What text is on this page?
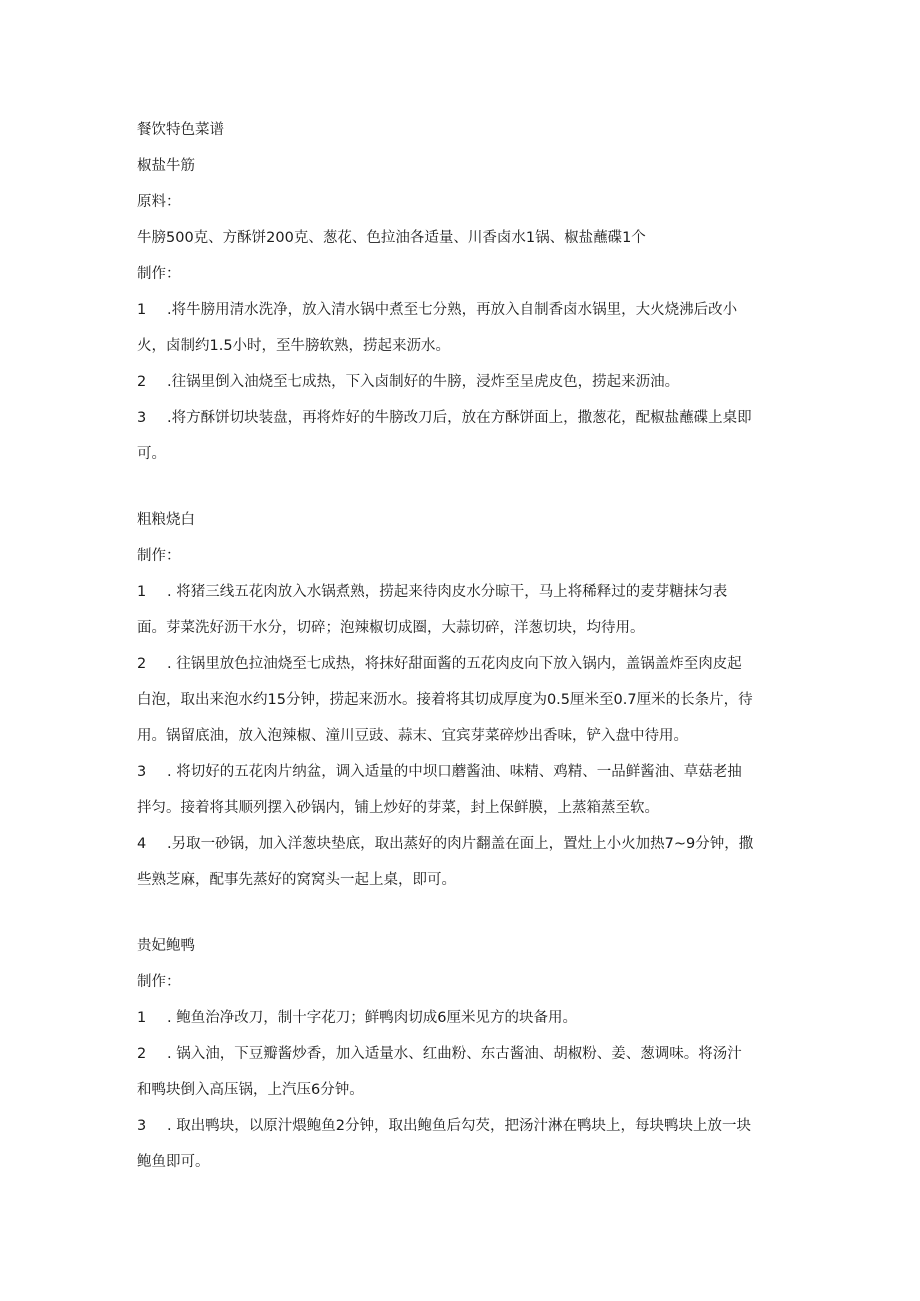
餐饮特色菜谱
椒盐牛筋
原料：
牛膀500克、方酥饼200克、葱花、色拉油各适量、川香卤水1锅、椒盐蘸碟1个
制作：
1 .将牛膀用清水洗净，放入清水锅中煮至七分熟，再放入自制香卤水锅里，大火烧沸后改小
火，卤制约1.5小时，至牛膀软熟，捞起来沥水。
2 .往锅里倒入油烧至七成热，下入卤制好的牛膀，浸炸至呈虎皮色，捞起来沥油。
3 .将方酥饼切块装盘，再将炸好的牛膀改刀后，放在方酥饼面上，撒葱花，配椒盐蘸碟上桌即
可。
粗粮烧白
制作：
1 . 将猪三线五花肉放入水锅煮熟，捞起来待肉皮水分晾干，马上将稀释过的麦芽糖抹匀表
面。芽菜洗好沥干水分，切碎；泡辣椒切成圈，大蒜切碎，洋葱切块，均待用。
2 . 往锅里放色拉油烧至七成热，将抹好甜面酱的五花肉皮向下放入锅内，盖锅盖炸至肉皮起
白泡，取出来泡水约15分钟，捞起来沥水。接着将其切成厚度为0.5厘米至0.7厘米的长条片，待
用。锅留底油，放入泡辣椒、潼川豆豉、蒜末、宜宾芽菜碎炒出香味，铲入盘中待用。
3 . 将切好的五花肉片纳盆，调入适量的中坝口蘑酱油、味精、鸡精、一品鲜酱油、草菇老抽
拌匀。接着将其顺列摆入砂锅内，铺上炒好的芽菜，封上保鲜膜，上蒸箱蒸至软。
4 .另取一砂锅，加入洋葱块垫底，取出蒸好的肉片翻盖在面上，置灶上小火加热7~9分钟，撒
些熟芝麻，配事先蒸好的窝窝头一起上桌，即可。
贵妃鲍鸭
制作：
1 . 鲍鱼治净改刀，制十字花刀；鲜鸭肉切成6厘米见方的块备用。
2 . 锅入油，下豆瓣酱炒香，加入适量水、红曲粉、东古酱油、胡椒粉、姜、葱调味。将汤汁
和鸭块倒入高压锅，上汽压6分钟。
3 . 取出鸭块，以原汁煨鲍鱼2分钟，取出鲍鱼后勾芡，把汤汁淋在鸭块上，每块鸭块上放一块
鲍鱼即可。
